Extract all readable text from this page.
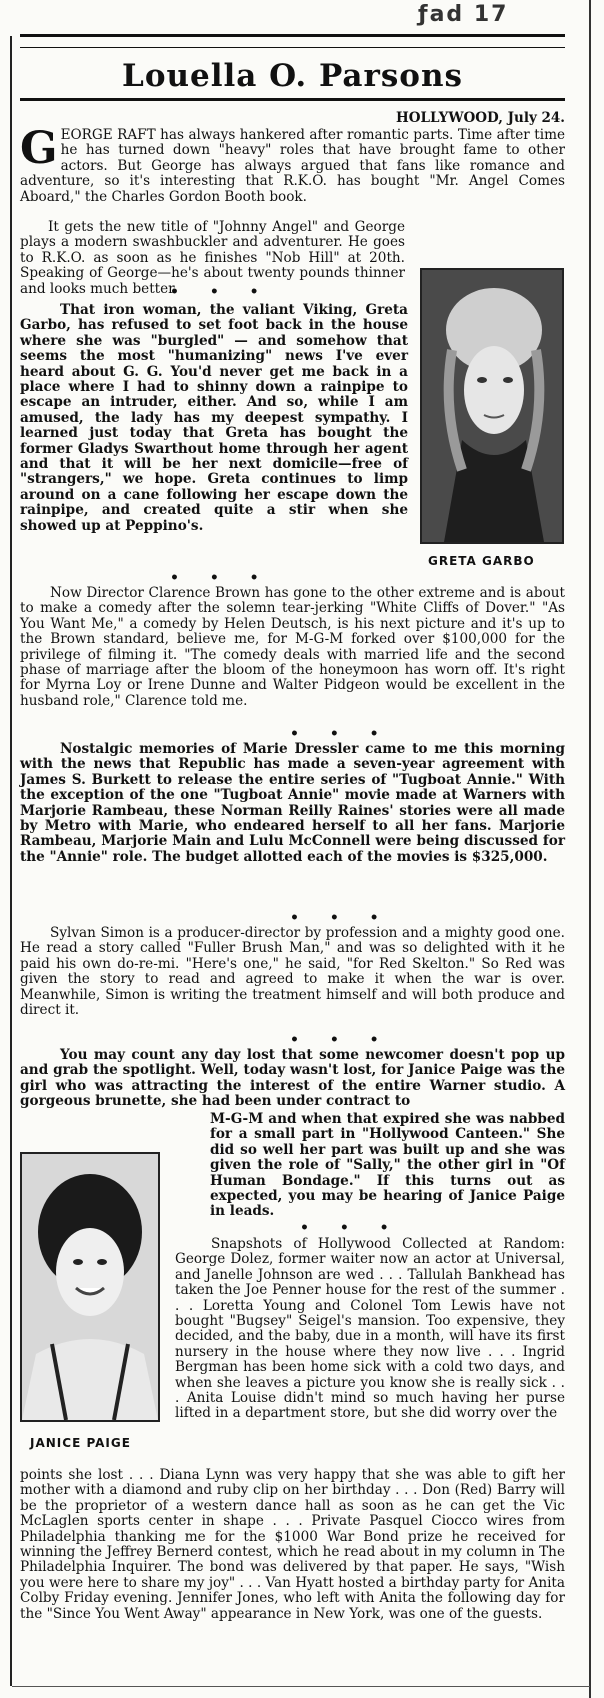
ƒad 17
Louella O. Parsons
HOLLYWOOD, July 24.
GEORGE RAFT has always hankered after romantic parts. Time after time he has turned down "heavy" roles that have brought fame to other actors. But George has always argued that fans like romance and adventure, so it's interesting that R.K.O. has bought "Mr. Angel Comes Aboard," the Charles Gordon Booth book.
It gets the new title of "Johnny Angel" and George plays a modern swashbuckler and adventurer. He goes to R.K.O. as soon as he finishes "Nob Hill" at 20th. Speaking of George—he's about twenty pounds thinner and looks much better.
• • •
That iron woman, the valiant Viking, Greta Garbo, has refused to set foot back in the house where she was "burgled" — and somehow that seems the most "humanizing" news I've ever heard about G. G. You'd never get me back in a place where I had to shinny down a rainpipe to escape an intruder, either. And so, while I am amused, the lady has my deepest sympathy. I learned just today that Greta has bought the former Gladys Swarthout home through her agent and that it will be her next domicile—free of "strangers," we hope. Greta continues to limp around on a cane following her escape down the rainpipe, and created quite a stir when she showed up at Peppino's.
GRETA GARBO
• • •
Now Director Clarence Brown has gone to the other extreme and is about to make a comedy after the solemn tear-jerking "White Cliffs of Dover." "As You Want Me," a comedy by Helen Deutsch, is his next picture and it's up to the Brown standard, believe me, for M-G-M forked over $100,000 for the privilege of filming it. "The comedy deals with married life and the second phase of marriage after the bloom of the honeymoon has worn off. It's right for Myrna Loy or Irene Dunne and Walter Pidgeon would be excellent in the husband role," Clarence told me.
• • •
Nostalgic memories of Marie Dressler came to me this morning with the news that Republic has made a seven-year agreement with James S. Burkett to release the entire series of "Tugboat Annie." With the exception of the one "Tugboat Annie" movie made at Warners with Marjorie Rambeau, these Norman Reilly Raines' stories were all made by Metro with Marie, who endeared herself to all her fans. Marjorie Rambeau, Marjorie Main and Lulu McConnell were being discussed for the "Annie" role. The budget allotted each of the movies is $325,000.
• • •
Sylvan Simon is a producer-director by profession and a mighty good one. He read a story called "Fuller Brush Man," and was so delighted with it he paid his own do-re-mi. "Here's one," he said, "for Red Skelton." So Red was given the story to read and agreed to make it when the war is over. Meanwhile, Simon is writing the treatment himself and will both produce and direct it.
• • •
You may count any day lost that some newcomer doesn't pop up and grab the spotlight. Well, today wasn't lost, for Janice Paige was the girl who was attracting the interest of the entire Warner studio. A gorgeous brunette, she had been under contract to
M-G-M and when that expired she was nabbed for a small part in "Hollywood Canteen." She did so well her part was built up and she was given the role of "Sally," the other girl in "Of Human Bondage." If this turns out as expected, you may be hearing of Janice Paige in leads.
JANICE PAIGE
• • •
Snapshots of Hollywood Collected at Random: George Dolez, former waiter now an actor at Universal, and Janelle Johnson are wed . . . Tallulah Bankhead has taken the Joe Penner house for the rest of the summer . . . Loretta Young and Colonel Tom Lewis have not bought "Bugsey" Seigel's mansion. Too expensive, they decided, and the baby, due in a month, will have its first nursery in the house where they now live . . . Ingrid Bergman has been home sick with a cold two days, and when she leaves a picture you know she is really sick . . . Anita Louise didn't mind so much having her purse lifted in a department store, but she did worry over the
points she lost . . . Diana Lynn was very happy that she was able to gift her mother with a diamond and ruby clip on her birthday . . . Don (Red) Barry will be the proprietor of a western dance hall as soon as he can get the Vic McLaglen sports center in shape . . . Private Pasquel Ciocco wires from Philadelphia thanking me for the $1000 War Bond prize he received for winning the Jeffrey Bernerd contest, which he read about in my column in The Philadelphia Inquirer. The bond was delivered by that paper. He says, "Wish you were here to share my joy" . . . Van Hyatt hosted a birthday party for Anita Colby Friday evening. Jennifer Jones, who left with Anita the following day for the "Since You Went Away" appearance in New York, was one of the guests.
